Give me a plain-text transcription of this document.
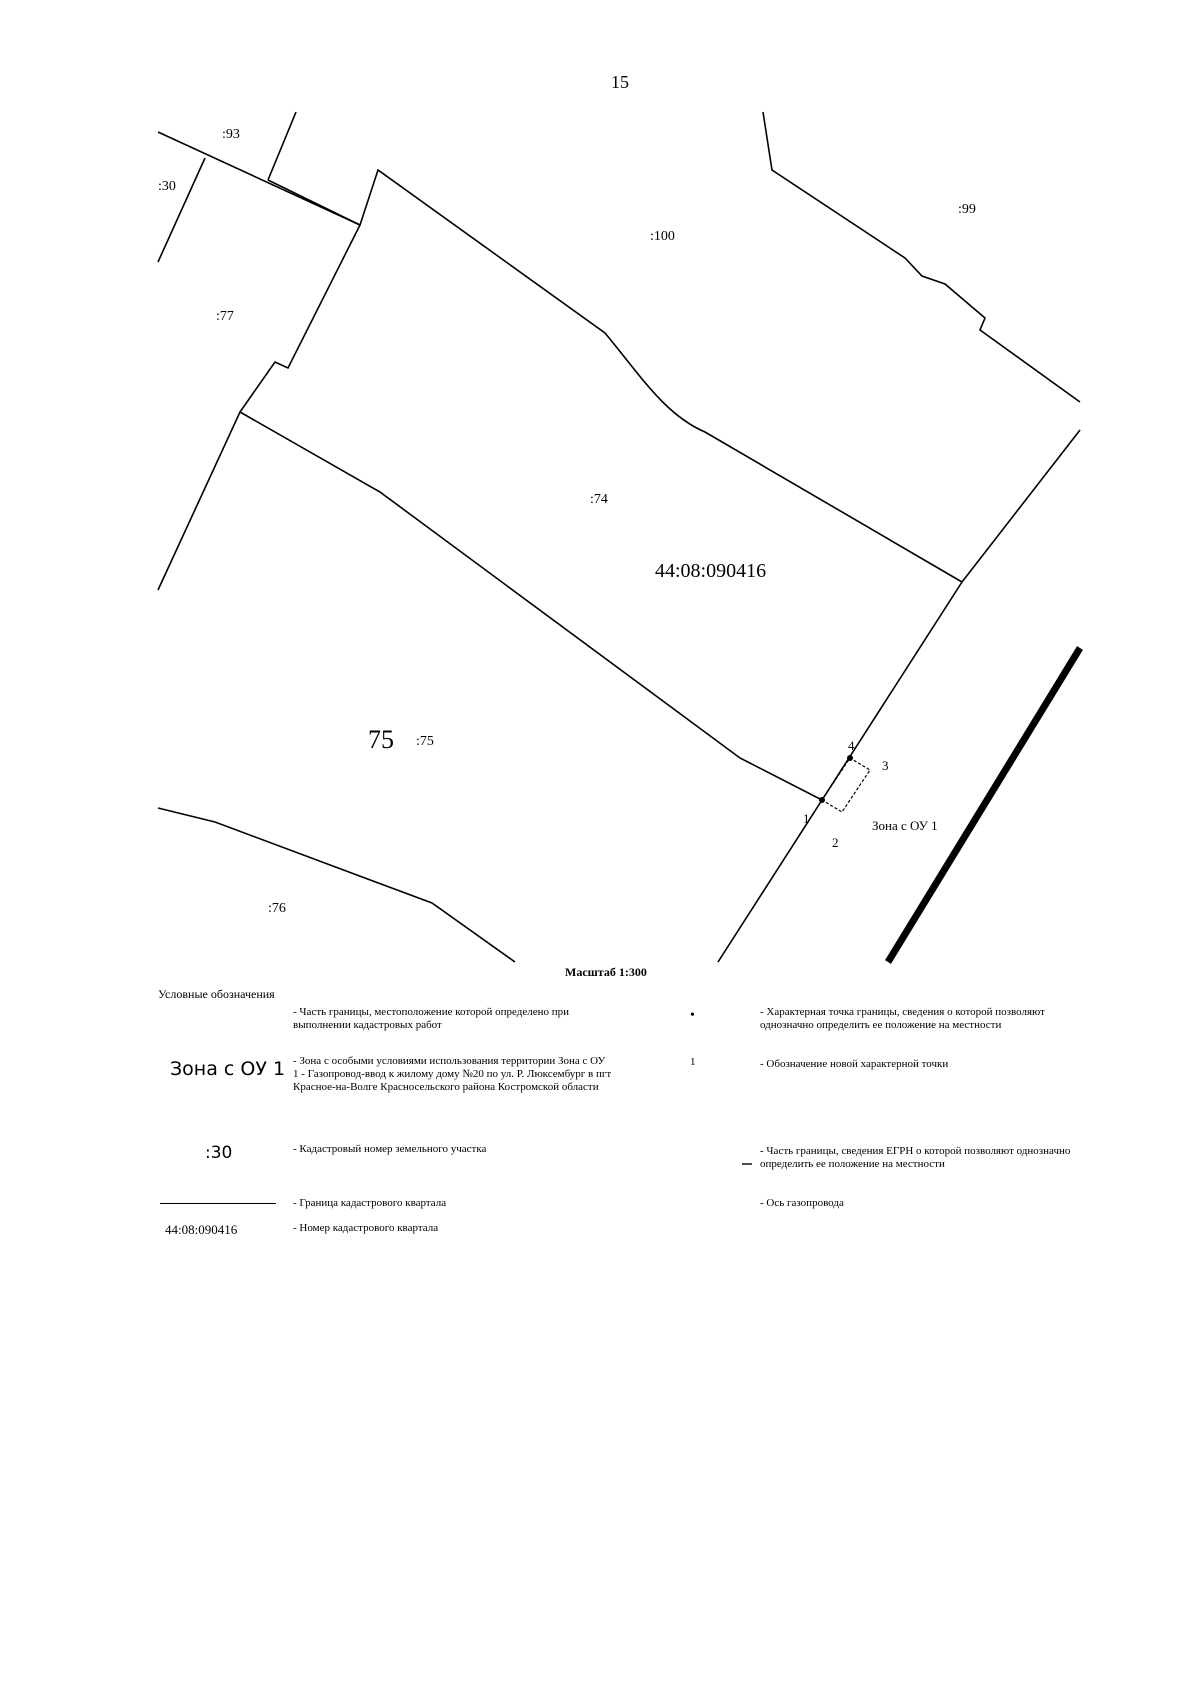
15
:93
:30
:100
:99
:77
:74
44:08:090416
75 :75
:76
4
3
1
2
Зона с ОУ 1
Масштаб 1:300
Условные обозначения
- Часть границы, местоположение которой определено при выполнении кадастровых работ
Зона с ОУ 1 - Зона с особыми условиями использования территории Зона с ОУ 1 - Газопровод-ввод к жилому дому №20 по ул. Р. Люксембург в пгт Красное-на-Волге Красносельского района Костромской области
:30	- Кадастровый номер земельного участка
- Граница кадастрового квартала
44:08:090416	- Номер кадастрового квартала
•	- Характерная точка границы, сведения о которой позволяют однозначно определить ее положение на местности
1	- Обозначение новой характерной точки
- Часть границы, сведения ЕГРН о которой позволяют однозначно определить ее положение на местности
- Ось газопровода
